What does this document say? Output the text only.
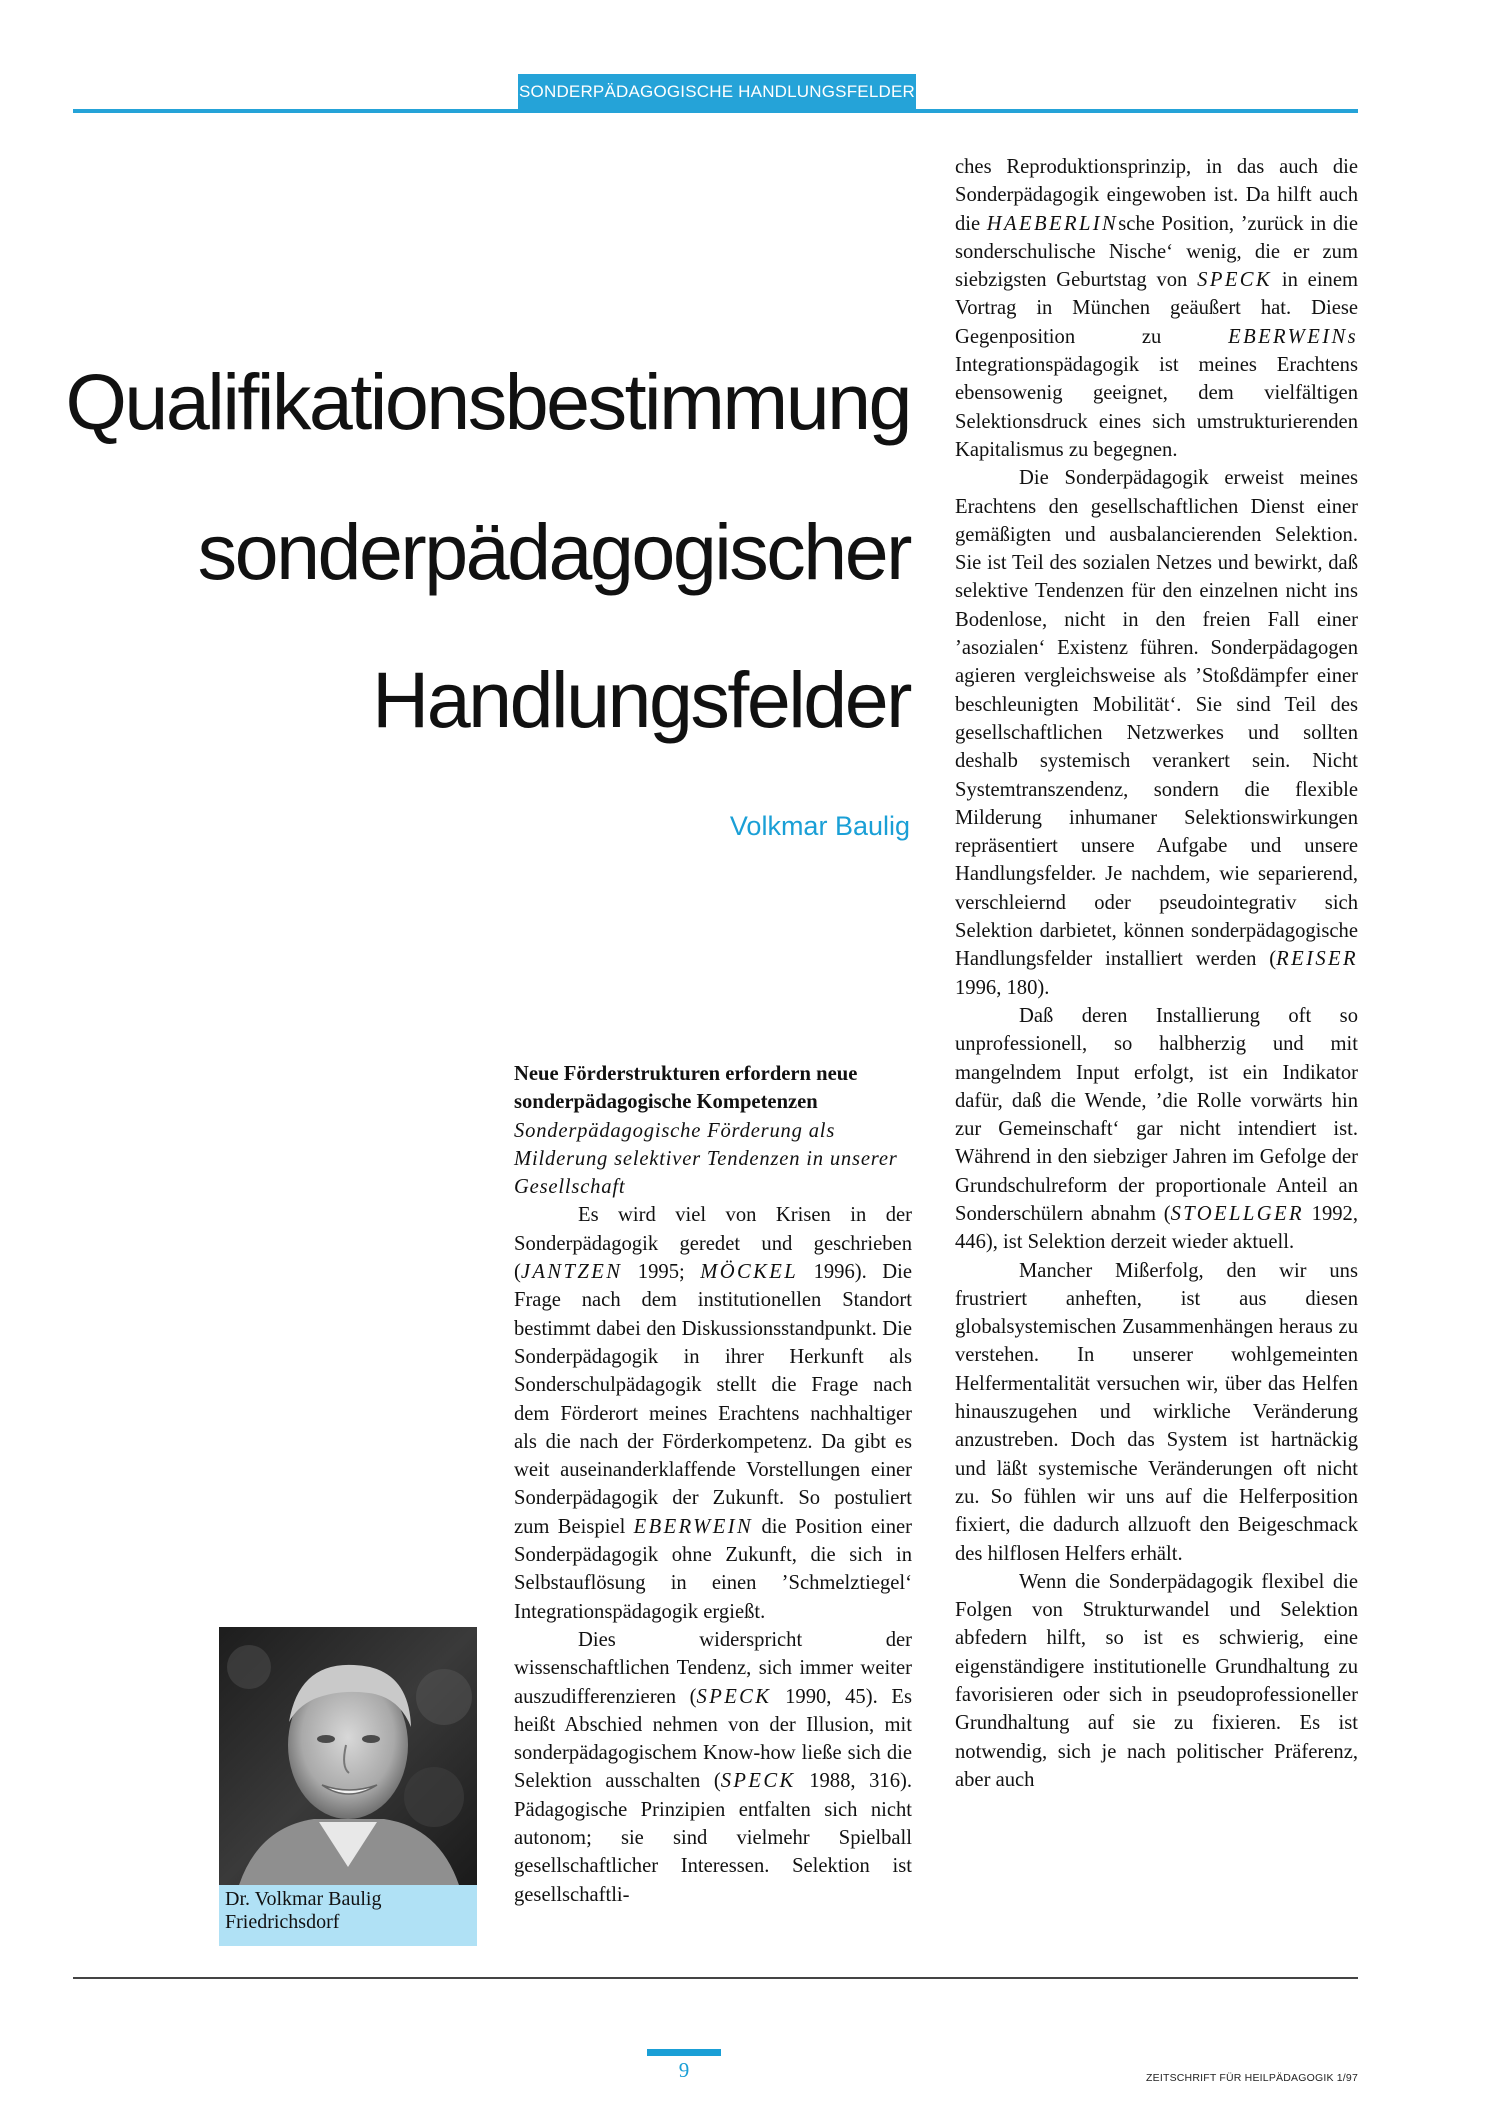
SONDERPÄDAGOGISCHE HANDLUNGSFELDER
Qualifikationsbestimmung
sonderpädagogischer
Handlungsfelder
Volkmar Baulig
Neue Förderstrukturen erfordern neue
sonderpädagogische Kompetenzen
Sonderpädagogische Förderung als Milderung selektiver Tendenzen in unserer Gesellschaft

Es wird viel von Krisen in der Sonderpädagogik geredet und geschrieben (JANTZEN 1995; MÖCKEL 1996). Die Frage nach dem institutionellen Standort bestimmt dabei den Diskussionsstandpunkt. Die Sonderpädagogik in ihrer Herkunft als Sonderschulpädagogik stellt die Frage nach dem Förderort meines Erachtens nachhaltiger als die nach der Förderkompetenz. Da gibt es weit auseinanderklaffende Vorstellungen einer Sonderpädagogik der Zukunft. So postuliert zum Beispiel EBERWEIN die Position einer Sonderpädagogik ohne Zukunft, die sich in Selbstauflösung in einen ’Schmelztiegel‘ Integrationspädagogik ergießt.

Dies widerspricht der wissenschaftlichen Tendenz, sich immer weiter auszudifferenzieren (SPECK 1990, 45). Es heißt Abschied nehmen von der Illusion, mit sonderpädagogischem Know-how ließe sich die Selektion ausschalten (SPECK 1988, 316). Pädagogische Prinzipien entfalten sich nicht autonom; sie sind vielmehr Spielball gesellschaftlicher Interessen. Selektion ist gesellschaftli-

ches Reproduktionsprinzip, in das auch die Sonderpädagogik eingewoben ist. Da hilft auch die HAEBERLINsche Position, ’zurück in die sonderschulische Nische‘ wenig, die er zum siebzigsten Geburtstag von SPECK in einem Vortrag in München geäußert hat. Diese Gegenposition zu EBERWEINs Integrationspädagogik ist meines Erachtens ebensowenig geeignet, dem vielfältigen Selektionsdruck eines sich umstrukturierenden Kapitalismus zu begegnen.

Die Sonderpädagogik erweist meines Erachtens den gesellschaftlichen Dienst einer gemäßigten und ausbalancierenden Selektion. Sie ist Teil des sozialen Netzes und bewirkt, daß selektive Tendenzen für den einzelnen nicht ins Bodenlose, nicht in den freien Fall einer ’asozialen‘ Existenz führen. Sonderpädagogen agieren vergleichsweise als ’Stoßdämpfer einer beschleunigten Mobilität‘. Sie sind Teil des gesellschaftlichen Netzwerkes und sollten deshalb systemisch verankert sein. Nicht Systemtranszendenz, sondern die flexible Milderung inhumaner Selektionswirkungen repräsentiert unsere Aufgabe und unsere Handlungsfelder. Je nachdem, wie separierend, verschleiernd oder pseudointegrativ sich Selektion darbietet, können sonderpädagogische Handlungsfelder installiert werden (REISER 1996, 180).

Daß deren Installierung oft so unprofessionell, so halbherzig und mit mangelndem Input erfolgt, ist ein Indikator dafür, daß die Wende, ’die Rolle vorwärts hin zur Gemeinschaft‘ gar nicht intendiert ist. Während in den siebziger Jahren im Gefolge der Grundschulreform der proportionale Anteil an Sonderschülern abnahm (STOELLGER 1992, 446), ist Selektion derzeit wieder aktuell.

Mancher Mißerfolg, den wir uns frustriert anheften, ist aus diesen globalsystemischen Zusammenhängen heraus zu verstehen. In unserer wohlgemeinten Helfermentalität versuchen wir, über das Helfen hinauszugehen und wirkliche Veränderung anzustreben. Doch das System ist hartnäckig und läßt systemische Veränderungen oft nicht zu. So fühlen wir uns auf die Helferposition fixiert, die dadurch allzuoft den Beigeschmack des hilflosen Helfers erhält.

Wenn die Sonderpädagogik flexibel die Folgen von Strukturwandel und Selektion abfedern hilft, so ist es schwierig, eine eigenständigere institutionelle Grundhaltung zu favorisieren oder sich in pseudoprofessioneller Grundhaltung auf sie zu fixieren. Es ist notwendig, sich je nach politischer Präferenz, aber auch

Dr. Volkmar Baulig
Friedrichsdorf
9	ZEITSCHRIFT FÜR HEILPÄDAGOGIK 1/97
